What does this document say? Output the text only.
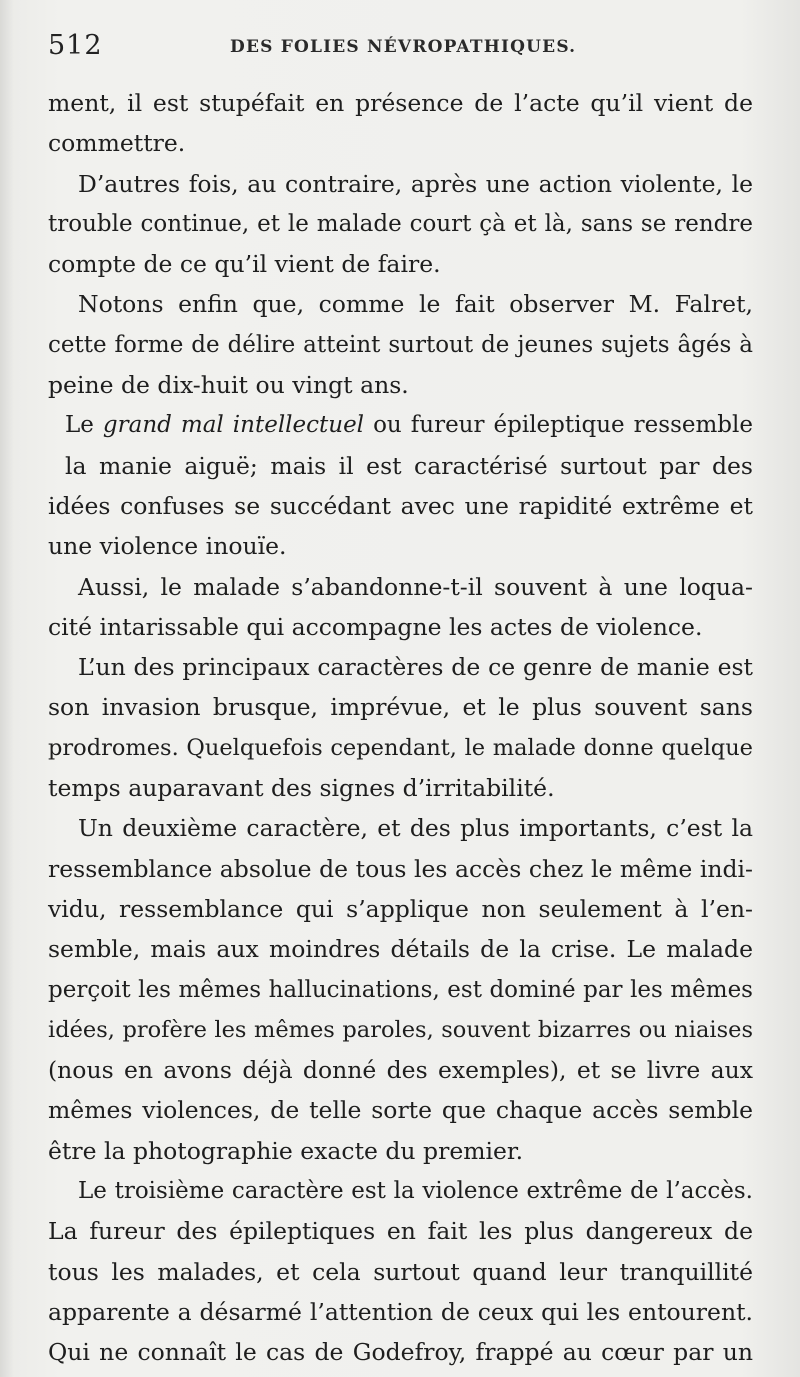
512	DES FOLIES NÉVROPATHIQUES.
ment, il est stupéfait en présence de l’acte qu’il vient de
commettre.
D’autres fois, au contraire, après une action violente, le
trouble continue, et le malade court çà et là, sans se rendre
compte de ce qu’il vient de faire.
Notons enfin que, comme le fait observer M. Falret,
cette forme de délire atteint surtout de jeunes sujets âgés à
peine de dix-huit ou vingt ans.
Le grand mal intellectuel ou fureur épileptique ressemble
la manie aiguë; mais il est caractérisé surtout par des
idées confuses se succédant avec une rapidité extrême et
une violence inouïe.
Aussi, le malade s’abandonne-t-il souvent à une loqua-
cité intarissable qui accompagne les actes de violence.
L’un des principaux caractères de ce genre de manie est
son invasion brusque, imprévue, et le plus souvent sans
prodromes. Quelquefois cependant, le malade donne quelque
temps auparavant des signes d’irritabilité.
Un deuxième caractère, et des plus importants, c’est la
ressemblance absolue de tous les accès chez le même indi-
vidu, ressemblance qui s’applique non seulement à l’en-
semble, mais aux moindres détails de la crise. Le malade
perçoit les mêmes hallucinations, est dominé par les mêmes
idées, profère les mêmes paroles, souvent bizarres ou niaises
(nous en avons déjà donné des exemples), et se livre aux
mêmes violences, de telle sorte que chaque accès semble
être la photographie exacte du premier.
Le troisième caractère est la violence extrême de l’accès.
La fureur des épileptiques en fait les plus dangereux de
tous les malades, et cela surtout quand leur tranquillité
apparente a désarmé l’attention de ceux qui les entourent.
Qui ne connaît le cas de Godefroy, frappé au cœur par un
